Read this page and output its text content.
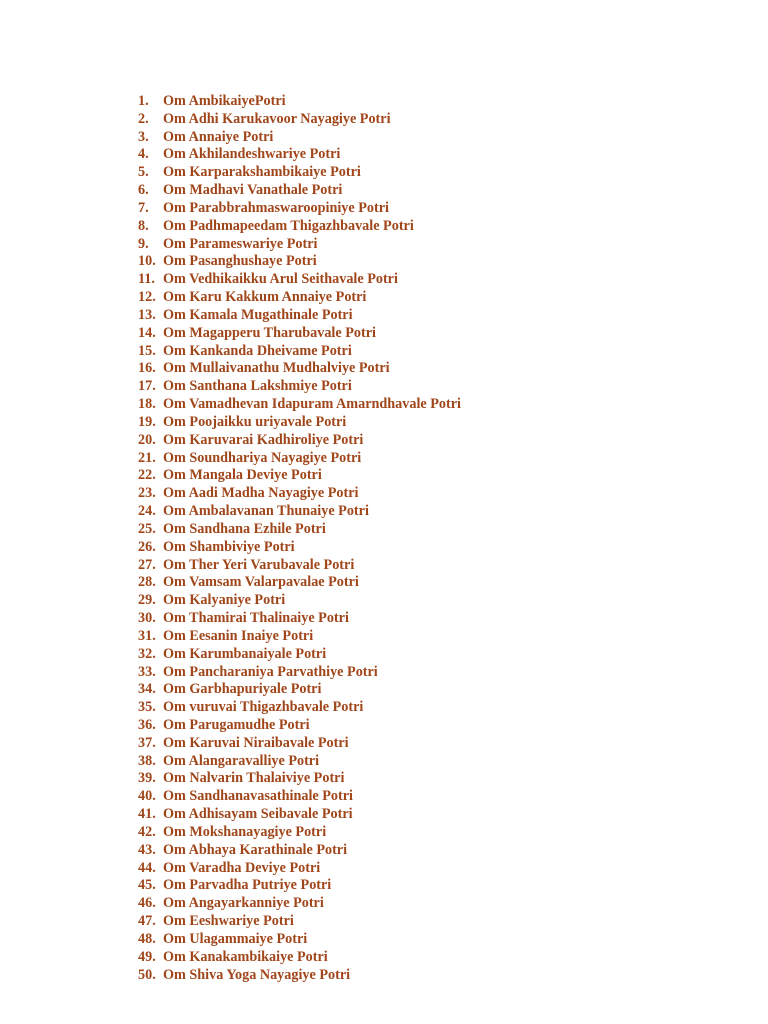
1.	Om AmbikaiyePotri
2.	Om Adhi Karukavoor Nayagiye Potri
3.	Om Annaiye Potri
4.	Om Akhilandeshwariye Potri
5.	Om Karparakshambikaiye Potri
6.	Om Madhavi Vanathale Potri
7.	Om Parabbrahmaswaroopiniye Potri
8.	Om Padhmapeedam Thigazhbavale Potri
9.	Om Parameswariye Potri
10. Om Pasanghushaye Potri
11. Om Vedhikaikku Arul Seithavale Potri
12. Om Karu Kakkum Annaiye Potri
13. Om Kamala Mugathinale Potri
14. Om Magapperu Tharubavale Potri
15. Om Kankanda Dheivame Potri
16. Om Mullaivanathu Mudhalviye Potri
17. Om Santhana Lakshmiye Potri
18. Om Vamadhevan Idapuram Amarndhavale Potri
19. Om Poojaikku uriyavale Potri
20. Om Karuvarai Kadhiroliye Potri
21. Om Soundhariya Nayagiye Potri
22. Om Mangala Deviye Potri
23. Om Aadi Madha Nayagiye Potri
24. Om Ambalavanan Thunaiye Potri
25. Om Sandhana Ezhile Potri
26. Om Shambiviye Potri
27. Om Ther Yeri Varubavale Potri
28. Om Vamsam Valarpavalae Potri
29. Om Kalyaniye Potri
30. Om Thamirai Thalinaiye Potri
31. Om Eesanin Inaiye Potri
32. Om Karumbanaiyale Potri
33. Om Pancharaniya Parvathiye Potri
34. Om Garbhapuriyale Potri
35. Om vuruvai Thigazhbavale Potri
36. Om Parugamudhe Potri
37. Om Karuvai Niraibavale Potri
38. Om Alangaravalliye Potri
39. Om Nalvarin Thalaiviye Potri
40. Om Sandhanavasathinale Potri
41. Om Adhisayam Seibavale Potri
42. Om Mokshanayagiye Potri
43. Om Abhaya Karathinale Potri
44. Om Varadha Deviye Potri
45. Om Parvadha Putriye Potri
46. Om Angayarkanniye Potri
47. Om Eeshwariye Potri
48. Om Ulagammaiye Potri
49. Om Kanakambikaiye Potri
50. Om Shiva Yoga Nayagiye Potri
